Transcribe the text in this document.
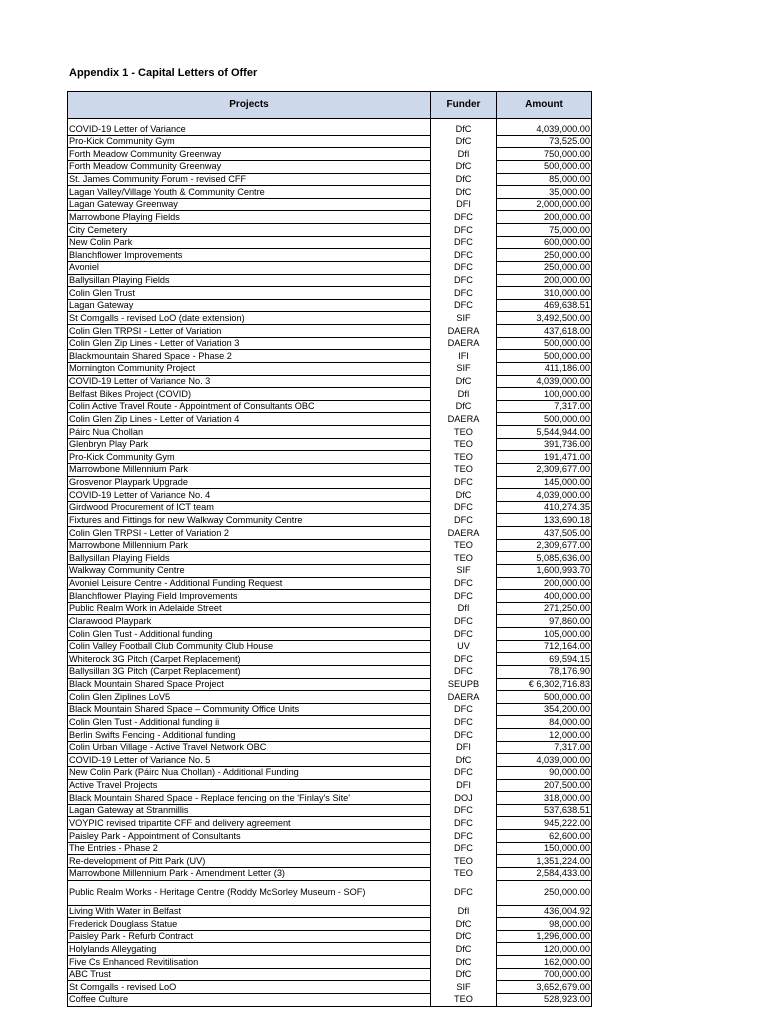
Appendix 1 - Capital Letters of Offer
Projects	Funder	Amount
COVID-19 Letter of Variance	DfC	4,039,000.00
Pro-Kick Community Gym	DfC	73,525.00
Forth Meadow Community Greenway	DfI	750,000.00
Forth Meadow Community Greenway	DfC	500,000.00
St. James Community Forum - revised CFF	DfC	85,000.00
Lagan Valley/Village Youth & Community Centre	DfC	35,000.00
Lagan Gateway Greenway	DFI	2,000,000.00
Marrowbone Playing Fields	DFC	200,000.00
City Cemetery	DFC	75,000.00
New Colin Park	DFC	600,000.00
Blanchflower Improvements	DFC	250,000.00
Avoniel	DFC	250,000.00
Ballysillan Playing Fields	DFC	200,000.00
Colin Glen Trust	DFC	310,000.00
Lagan Gateway	DFC	469,638.51
St Comgalls - revised LoO (date extension)	SIF	3,492,500.00
Colin Glen TRPSI - Letter of Variation	DAERA	437,618.00
Colin Glen Zip Lines - Letter of Variation 3	DAERA	500,000.00
Blackmountain Shared Space - Phase 2	IFI	500,000.00
Mornington Community Project	SIF	411,186.00
COVID-19 Letter of Variance No. 3	DfC	4,039,000.00
Belfast Bikes Project (COVID)	DfI	100,000.00
Colin Active Travel Route - Appointment of Consultants OBC	DfC	7,317.00
Colin Glen Zip Lines - Letter of Variation 4	DAERA	500,000.00
Páirc Nua Chollan	TEO	5,544,944.00
Glenbryn Play Park	TEO	391,736.00
Pro-Kick Community Gym	TEO	191,471.00
Marrowbone Millennium Park	TEO	2,309,677.00
Grosvenor Playpark Upgrade	DFC	145,000.00
COVID-19 Letter of Variance No. 4	DfC	4,039,000.00
Girdwood Procurement of ICT team	DFC	410,274.35
Fixtures and Fittings for new Walkway Community Centre	DFC	133,690.18
Colin Glen TRPSI - Letter of Variation 2	DAERA	437,505.00
Marrowbone Millennium Park	TEO	2,309,677.00
Ballysillan Playing Fields	TEO	5,085,636.00
Walkway Community Centre	SIF	1,600,993.70
Avoniel Leisure Centre - Additional Funding Request	DFC	200,000.00
Blanchflower Playing Field Improvements	DFC	400,000.00
Public Realm Work in Adelaide Street	DfI	271,250.00
Clarawood Playpark	DFC	97,860.00
Colin Glen Tust - Additional funding	DFC	105,000.00
Colin Valley Football Club Community Club House	UV	712,164.00
Whiterock 3G Pitch (Carpet Replacement)	DFC	69,594.15
Ballysillan 3G Pitch (Carpet Replacement)	DFC	78,176.90
Black Mountain Shared Space Project	SEUPB	€ 6,302,716.83
Colin Glen Ziplines LoV5	DAERA	500,000.00
Black Mountain Shared Space – Community Office Units	DFC	354,200.00
Colin Glen Tust - Additional funding ii	DFC	84,000.00
Berlin Swifts Fencing - Additional funding	DFC	12,000.00
Colin Urban Village - Active Travel Network OBC	DFI	7,317.00
COVID-19 Letter of Variance No. 5	DfC	4,039,000.00
New Colin Park (Páirc Nua Chollan) - Additional Funding	DFC	90,000.00
Active Travel Projects	DFI	207,500.00
Black Mountain Shared Space - Replace fencing on the 'Finlay's Site'	DOJ	318,000.00
Lagan Gateway at Stranmillis	DFC	537,638.51
VOYPIC revised tripartite CFF and delivery agreement	DFC	945,222.00
Paisley Park - Appointment of Consultants	DFC	62,600.00
The Entries - Phase 2	DFC	150,000.00
Re-development of Pitt Park (UV)	TEO	1,351,224.00
Marrowbone Millennium Park - Amendment Letter (3)	TEO	2,584,433.00
Public Realm Works - Heritage Centre (Roddy McSorley Museum - SOF)	DFC	250,000.00
Living With Water in Belfast	DfI	436,004.92
Frederick Douglass Statue	DfC	98,000.00
Paisley Park - Refurb Contract	DfC	1,296,000.00
Holylands Alleygating	DfC	120,000.00
Five Cs Enhanced Revitilisation	DfC	162,000.00
ABC Trust	DfC	700,000.00
St Comgalls - revised LoO	SIF	3,652,679.00
Coffee Culture	TEO	528,923.00
